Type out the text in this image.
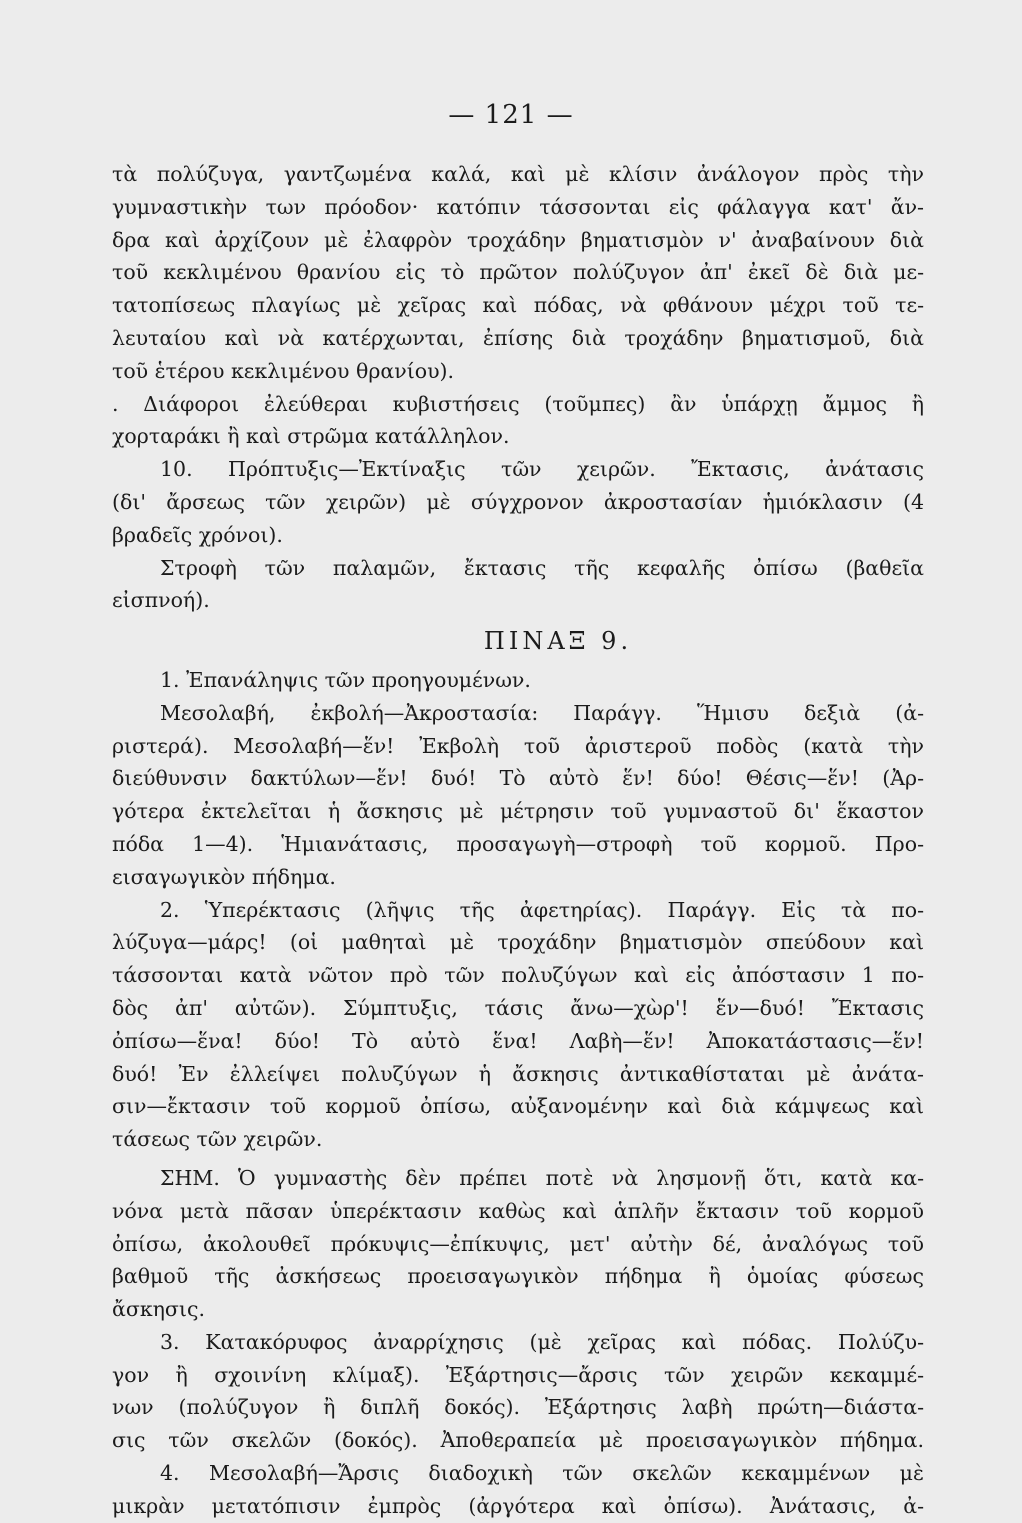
— 121 —
τὰ πολύζυγα, γαντζωμένα καλά, καὶ μὲ κλίσιν ἀνάλογον πρὸς τὴν
γυμναστικὴν των πρόοδον· κατόπιν τάσσονται εἰς φάλαγγα κατ' ἄν-
δρα καὶ ἀρχίζουν μὲ ἐλαφρὸν τροχάδην βηματισμὸν ν' ἀναβαίνουν διὰ
τοῦ κεκλιμένου θρανίου εἰς τὸ πρῶτον πολύζυγον ἀπ' ἐκεῖ δὲ διὰ με-
τατοπίσεως πλαγίως μὲ χεῖρας καὶ πόδας, νὰ φθάνουν μέχρι τοῦ τε-
λευταίου καὶ νὰ κατέρχωνται, ἐπίσης διὰ τροχάδην βηματισμοῦ, διὰ
τοῦ ἑτέρου κεκλιμένου θρανίου).
. Διάφοροι ἐλεύθεραι κυβιστήσεις (τοῦμπες) ἂν ὑπάρχῃ ἄμμος ἢ
χορταράκι ἢ καὶ στρῶμα κατάλληλον.
10. Πρόπτυξις—Ἐκτίναξις τῶν χειρῶν. Ἔκτασις, ἀνάτασις
(δι' ἄρσεως τῶν χειρῶν) μὲ σύγχρονον ἀκροστασίαν ἡμιόκλασιν (4
βραδεῖς χρόνοι).
Στροφὴ τῶν παλαμῶν, ἔκτασις τῆς κεφαλῆς ὀπίσω (βαθεῖα
εἰσπνοή).
ΠΙΝΑΞ 9.
1. Ἐπανάληψις τῶν προηγουμένων.
Μεσολαβή, ἐκβολή—Ἀκροστασία: Παράγγ. Ἥμισυ δεξιὰ (ἀ-
ριστερά). Μεσολαβή—ἕν! Ἐκβολὴ τοῦ ἀριστεροῦ ποδὸς (κατὰ τὴν
διεύθυνσιν δακτύλων—ἕν! δυό! Τὸ αὐτὸ ἕν! δύο! Θέσις—ἕν! (Ἀρ-
γότερα ἐκτελεῖται ἡ ἄσκησις μὲ μέτρησιν τοῦ γυμναστοῦ δι' ἕκαστον
πόδα 1—4). Ἡμιανάτασις, προσαγωγὴ—στροφὴ τοῦ κορμοῦ. Προ-
εισαγωγικὸν πήδημα.
2. Ὑπερέκτασις (λῆψις τῆς ἀφετηρίας). Παράγγ. Εἰς τὰ πο-
λύζυγα—μάρς! (οἱ μαθηταὶ μὲ τροχάδην βηματισμὸν σπεύδουν καὶ
τάσσονται κατὰ νῶτον πρὸ τῶν πολυζύγων καὶ εἰς ἀπόστασιν 1 πο-
δὸς ἀπ' αὐτῶν). Σύμπτυξις, τάσις ἄνω—χὼρ'! ἕν—δυό! Ἔκτασις
ὀπίσω—ἕνα! δύο! Τὸ αὐτὸ ἕνα! Λαβὴ—ἕν! Ἀποκατάστασις—ἕν!
δυό! Ἐν ἐλλείψει πολυζύγων ἡ ἄσκησις ἀντικαθίσταται μὲ ἀνάτα-
σιν—ἔκτασιν τοῦ κορμοῦ ὀπίσω, αὐξανομένην καὶ διὰ κάμψεως καὶ
τάσεως τῶν χειρῶν.
ΣΗΜ. Ὁ γυμναστὴς δὲν πρέπει ποτὲ νὰ λησμονῇ ὅτι, κατὰ κα-
νόνα μετὰ πᾶσαν ὑπερέκτασιν καθὼς καὶ ἁπλῆν ἔκτασιν τοῦ κορμοῦ
ὀπίσω, ἀκολουθεῖ πρόκυψις—ἐπίκυψις, μετ' αὐτὴν δέ, ἀναλόγως τοῦ
βαθμοῦ τῆς ἀσκήσεως προεισαγωγικὸν πήδημα ἢ ὁμοίας φύσεως
ἄσκησις.
3. Κατακόρυφος ἀναρρίχησις (μὲ χεῖρας καὶ πόδας. Πολύζυ-
γον ἢ σχοινίνη κλίμαξ). Ἐξάρτησις—ἄρσις τῶν χειρῶν κεκαμμέ-
νων (πολύζυγον ἢ διπλῆ δοκός). Ἐξάρτησις λαβὴ πρώτη—διάστα-
σις τῶν σκελῶν (δοκός). Ἀποθεραπεία μὲ προεισαγωγικὸν πήδημα.
4. Μεσολαβή—Ἄρσις διαδοχικὴ τῶν σκελῶν κεκαμμένων μὲ
μικρὰν μετατόπισιν ἐμπρὸς (ἀργότερα καὶ ὀπίσω). Ἀνάτασις, ἀ-
